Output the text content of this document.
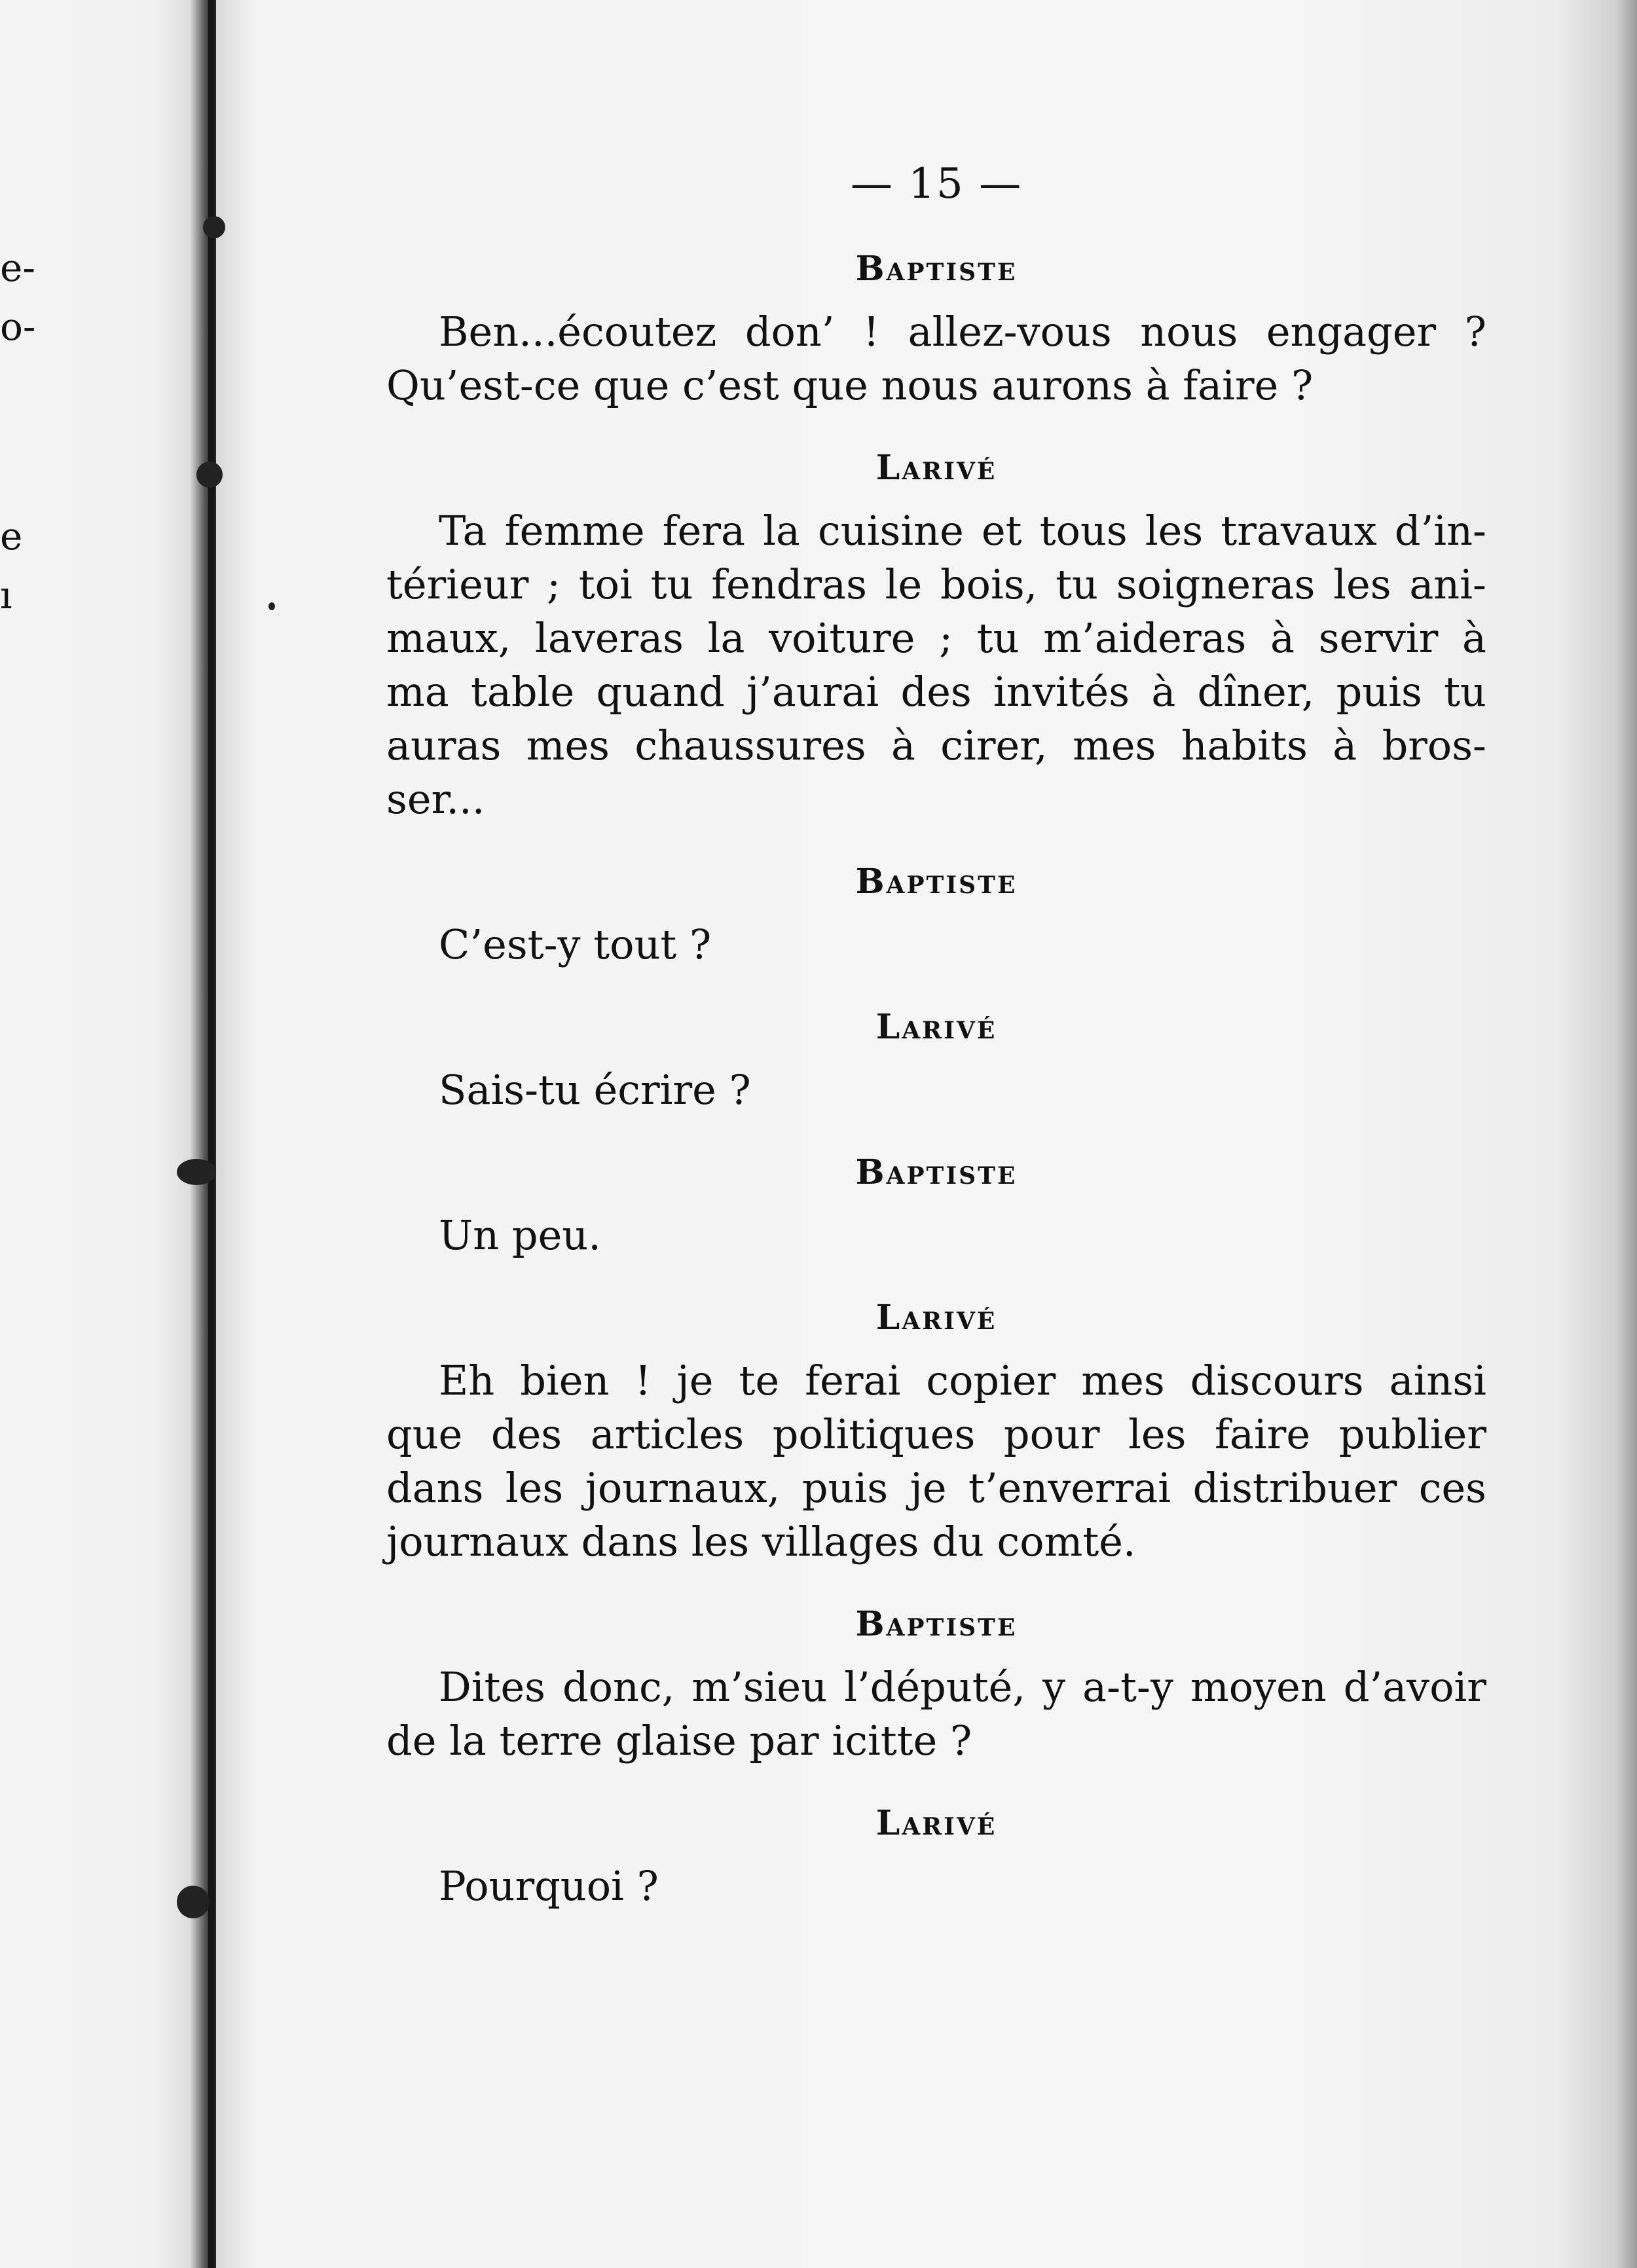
e-
o-
e
ı
— 15 —
Baptiste

Ben...écoutez don’ ! allez-vous nous engager ?

Qu’est-ce que c’est que nous aurons à faire ?

Larivé

Ta femme fera la cuisine et tous les travaux d’in-

térieur ; toi tu fendras le bois, tu soigneras les ani-

maux, laveras la voiture ; tu m’aideras à servir à

ma table quand j’aurai des invités à dîner, puis tu

auras mes chaussures à cirer, mes habits à bros-

ser...

Baptiste

C’est-y tout ?

Larivé

Sais-tu écrire ?

Baptiste

Un peu.

Larivé

Eh bien ! je te ferai copier mes discours ainsi

que des articles politiques pour les faire publier

dans les journaux, puis je t’enverrai distribuer ces

journaux dans les villages du comté.

Baptiste

Dites donc, m’sieu l’député, y a-t-y moyen d’avoir

de la terre glaise par icitte ?

Larivé

Pourquoi ?
